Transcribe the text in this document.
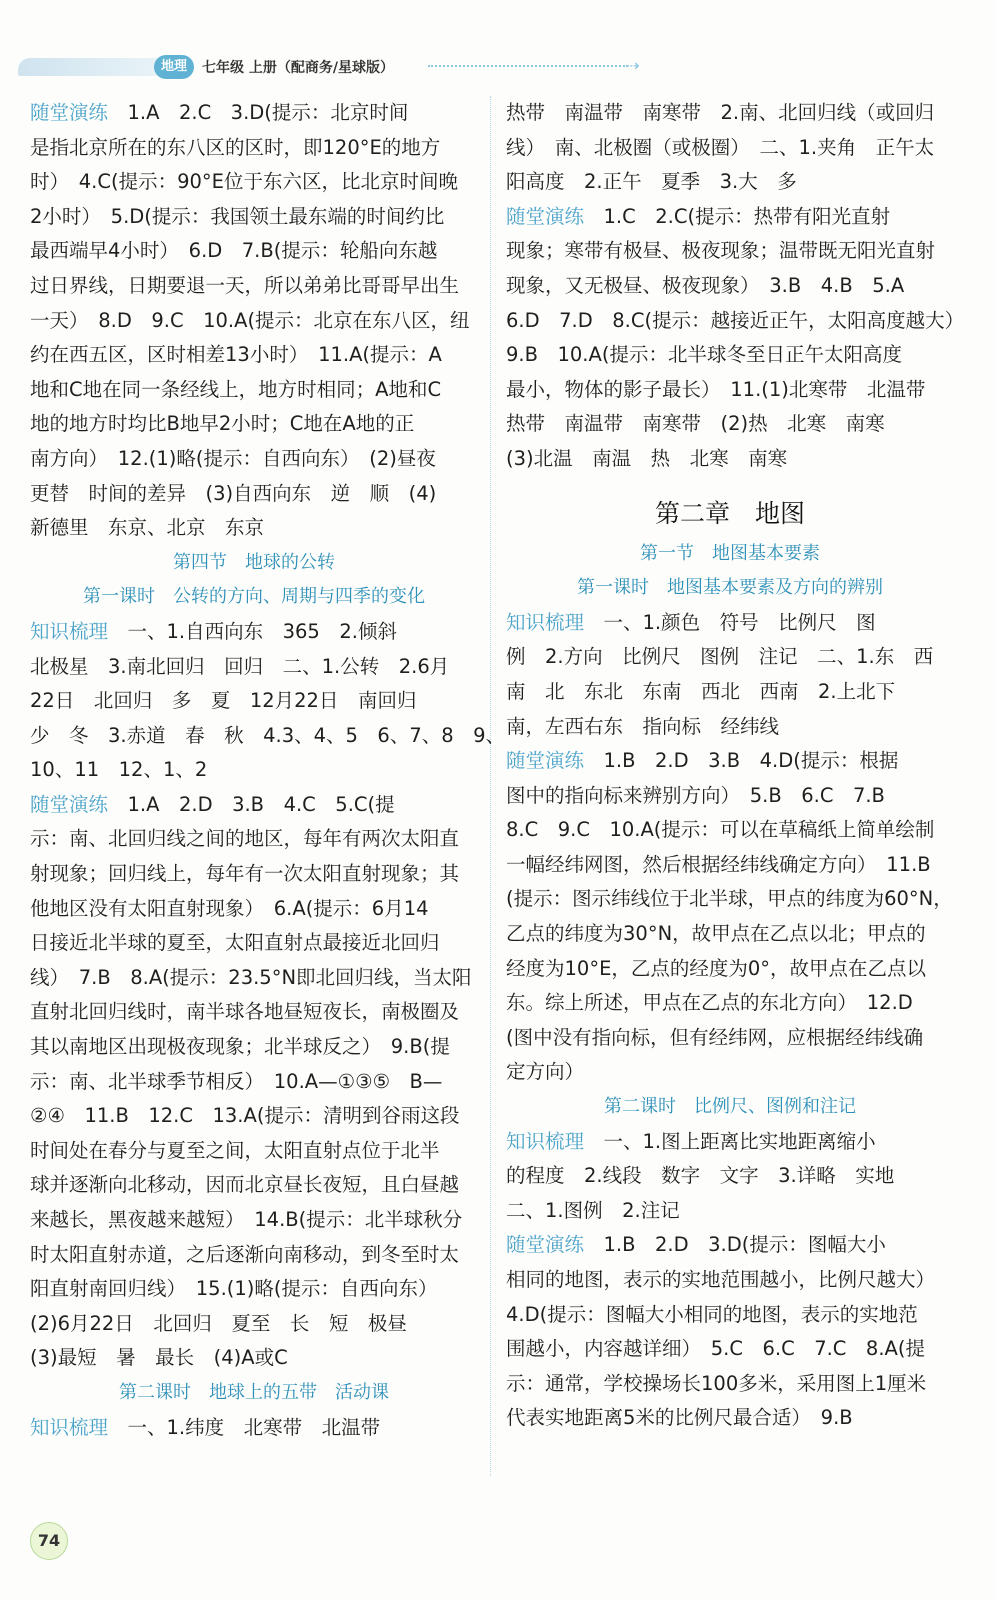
地理	七年级 上册（配商务/星球版）	⇢
随堂演练　1.A　2.C　3.D(提示：北京时间
是指北京所在的东八区的区时，即120°E的地方
时）　4.C(提示：90°E位于东六区，比北京时间晚
2小时）　5.D(提示：我国领土最东端的时间约比
最西端早4小时）　6.D　7.B(提示：轮船向东越
过日界线，日期要退一天，所以弟弟比哥哥早出生
一天）　8.D　9.C　10.A(提示：北京在东八区，纽
约在西五区，区时相差13小时）　11.A(提示：A
地和C地在同一条经线上，地方时相同；A地和C
地的地方时均比B地早2小时；C地在A地的正
南方向）　12.(1)略(提示：自西向东）　(2)昼夜
更替　时间的差异　(3)自西向东　逆　顺　(4)
新德里　东京、北京　东京
第四节　地球的公转
第一课时　公转的方向、周期与四季的变化
知识梳理　一、1.自西向东　365　2.倾斜
北极星　3.南北回归　回归　二、1.公转　2.6月
22日　北回归　多　夏　12月22日　南回归
少　冬　3.赤道　春　秋　4.3、4、5　6、7、8　9、
10、11　12、1、2
随堂演练　1.A　2.D　3.B　4.C　5.C(提
示：南、北回归线之间的地区，每年有两次太阳直
射现象；回归线上，每年有一次太阳直射现象；其
他地区没有太阳直射现象）　6.A(提示：6月14
日接近北半球的夏至，太阳直射点最接近北回归
线）　7.B　8.A(提示：23.5°N即北回归线，当太阳
直射北回归线时，南半球各地昼短夜长，南极圈及
其以南地区出现极夜现象；北半球反之）　9.B(提
示：南、北半球季节相反）　10.A—①③⑤　B—
②④　11.B　12.C　13.A(提示：清明到谷雨这段
时间处在春分与夏至之间，太阳直射点位于北半
球并逐渐向北移动，因而北京昼长夜短，且白昼越
来越长，黑夜越来越短）　14.B(提示：北半球秋分
时太阳直射赤道，之后逐渐向南移动，到冬至时太
阳直射南回归线）　15.(1)略(提示：自西向东）
(2)6月22日　北回归　夏至　长　短　极昼
(3)最短　暑　最长　(4)A或C
第二课时　地球上的五带　活动课
知识梳理　一、1.纬度　北寒带　北温带
热带　南温带　南寒带　2.南、北回归线（或回归
线）　南、北极圈（或极圈）　二、1.夹角　正午太
阳高度　2.正午　夏季　3.大　多
随堂演练　1.C　2.C(提示：热带有阳光直射
现象；寒带有极昼、极夜现象；温带既无阳光直射
现象，又无极昼、极夜现象）　3.B　4.B　5.A
6.D　7.D　8.C(提示：越接近正午，太阳高度越大）
9.B　10.A(提示：北半球冬至日正午太阳高度
最小，物体的影子最长）　11.(1)北寒带　北温带
热带　南温带　南寒带　(2)热　北寒　南寒
(3)北温　南温　热　北寒　南寒
第二章　地图
第一节　地图基本要素
第一课时　地图基本要素及方向的辨别
知识梳理　一、1.颜色　符号　比例尺　图
例　2.方向　比例尺　图例　注记　二、1.东　西
南　北　东北　东南　西北　西南　2.上北下
南，左西右东　指向标　经纬线
随堂演练　1.B　2.D　3.B　4.D(提示：根据
图中的指向标来辨别方向）　5.B　6.C　7.B
8.C　9.C　10.A(提示：可以在草稿纸上简单绘制
一幅经纬网图，然后根据经纬线确定方向）　11.B
(提示：图示纬线位于北半球，甲点的纬度为60°N，
乙点的纬度为30°N，故甲点在乙点以北；甲点的
经度为10°E，乙点的经度为0°，故甲点在乙点以
东。综上所述，甲点在乙点的东北方向）　12.D
(图中没有指向标，但有经纬网，应根据经纬线确
定方向）
第二课时　比例尺、图例和注记
知识梳理　一、1.图上距离比实地距离缩小
的程度　2.线段　数字　文字　3.详略　实地
二、1.图例　2.注记
随堂演练　1.B　2.D　3.D(提示：图幅大小
相同的地图，表示的实地范围越小，比例尺越大）
4.D(提示：图幅大小相同的地图，表示的实地范
围越小，内容越详细）　5.C　6.C　7.C　8.A(提
示：通常，学校操场长100多米，采用图上1厘米
代表实地距离5米的比例尺最合适）　9.B
74
